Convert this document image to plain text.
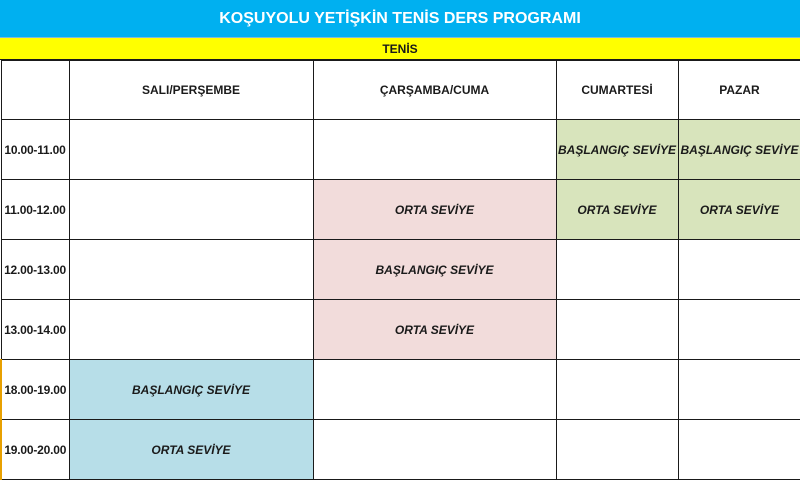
KOŞUYOLU YETİŞKİN TENİS DERS PROGRAMI
TENİS
	SALI/PERŞEMBE	ÇARŞAMBA/CUMA	CUMARTESİ	PAZAR
10.00-11.00			BAŞLANGIÇ SEVİYE	BAŞLANGIÇ SEVİYE
11.00-12.00		ORTA SEVİYE	ORTA SEVİYE	ORTA SEVİYE
12.00-13.00		BAŞLANGIÇ SEVİYE		
13.00-14.00		ORTA SEVİYE		
18.00-19.00	BAŞLANGIÇ SEVİYE			
19.00-20.00	ORTA SEVİYE			
